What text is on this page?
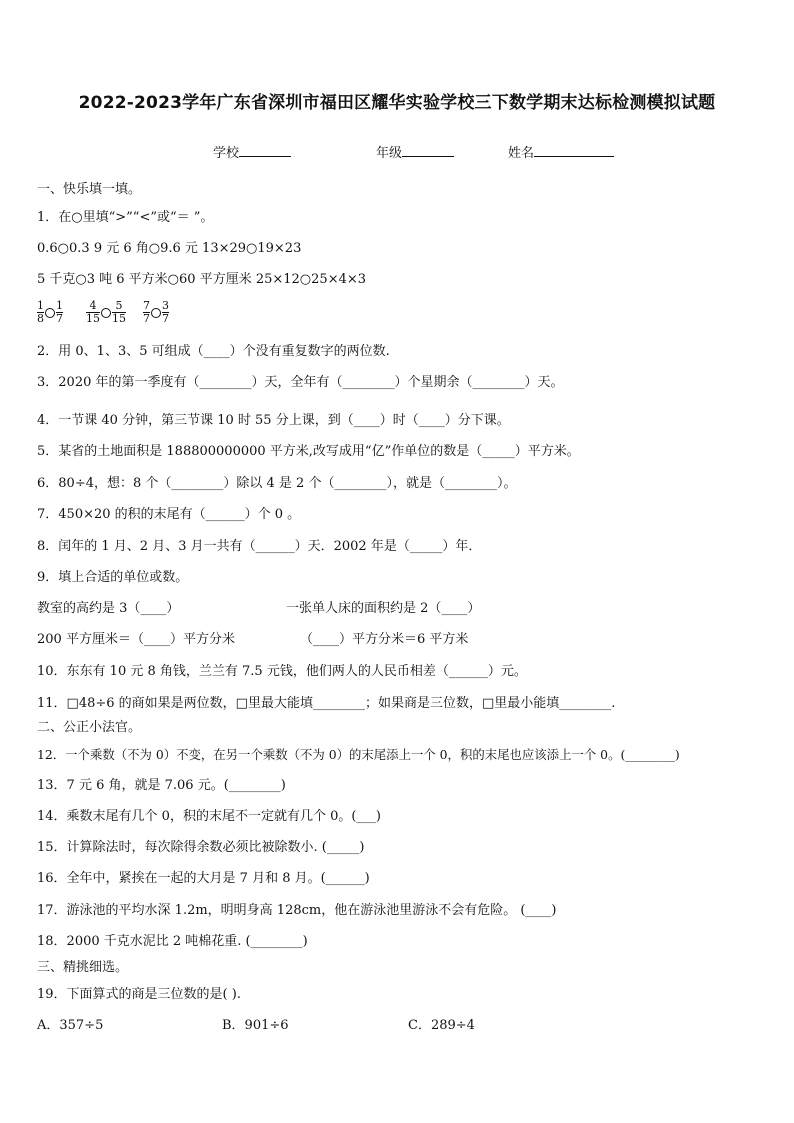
2022-2023学年广东省深圳市福田区耀华实验学校三下数学期末达标检测模拟试题
学校	年级	姓名
一、快乐填一填。
1．在○里填“>”“<”或“＝ ”。
0.6○0.3 9 元 6 角○9.6 元 13×29○19×23
5 千克○3 吨 6 平方米○60 平方厘米 25×12○25×4×3
$\frac{1}{8} \frac{1}{7} \frac{4}{15} \frac{5}{15} \frac{7}{7} \frac{3}{7}$
2．用 0、1、3、5 可组成（____）个没有重复数字的两位数.
3．2020 年的第一季度有（________）天，全年有（________）个星期余（________）天。
4．一节课 40 分钟，第三节课 10 时 55 分上课，到（____）时（____）分下课。
5．某省的土地面积是 188800000000 平方米,改写成用“亿”作单位的数是（_____）平方米。
6．80÷4，想：8 个（________）除以 4 是 2 个（________），就是（________）。
7．450×20 的积的末尾有（______）个 0 。
8．闰年的 1 月、2 月、3 月一共有（______）天．2002 年是（_____）年．
9．填上合适的单位或数。
教室的高约是 3（____）	一张单人床的面积约是 2（____）
200 平方厘米＝（____）平方分米	（____）平方分米＝6 平方米
10．东东有 10 元 8 角钱，兰兰有 7.5 元钱，他们两人的人民币相差（______）元。
11．□48÷6 的商如果是两位数，□里最大能填________；如果商是三位数，□里最小能填________.
二、公正小法官。
12．一个乘数（不为 0）不变，在另一个乘数（不为 0）的末尾添上一个 0，积的末尾也应该添上一个 0。(________)
13．7 元 6 角，就是 7.06 元。(________)
14．乘数末尾有几个 0，积的末尾不一定就有几个 0。(___)
15．计算除法时，每次除得余数必须比被除数小. (_____)
16．全年中，紧挨在一起的大月是 7 月和 8 月。(______)
17．游泳池的平均水深 1.2m，明明身高 128cm，他在游泳池里游泳不会有危险。 (____)
18．2000 千克水泥比 2 吨棉花重. (________)
三、精挑细选。
19．下面算式的商是三位数的是( ).
A．357÷5	B．901÷6	C．289÷4
